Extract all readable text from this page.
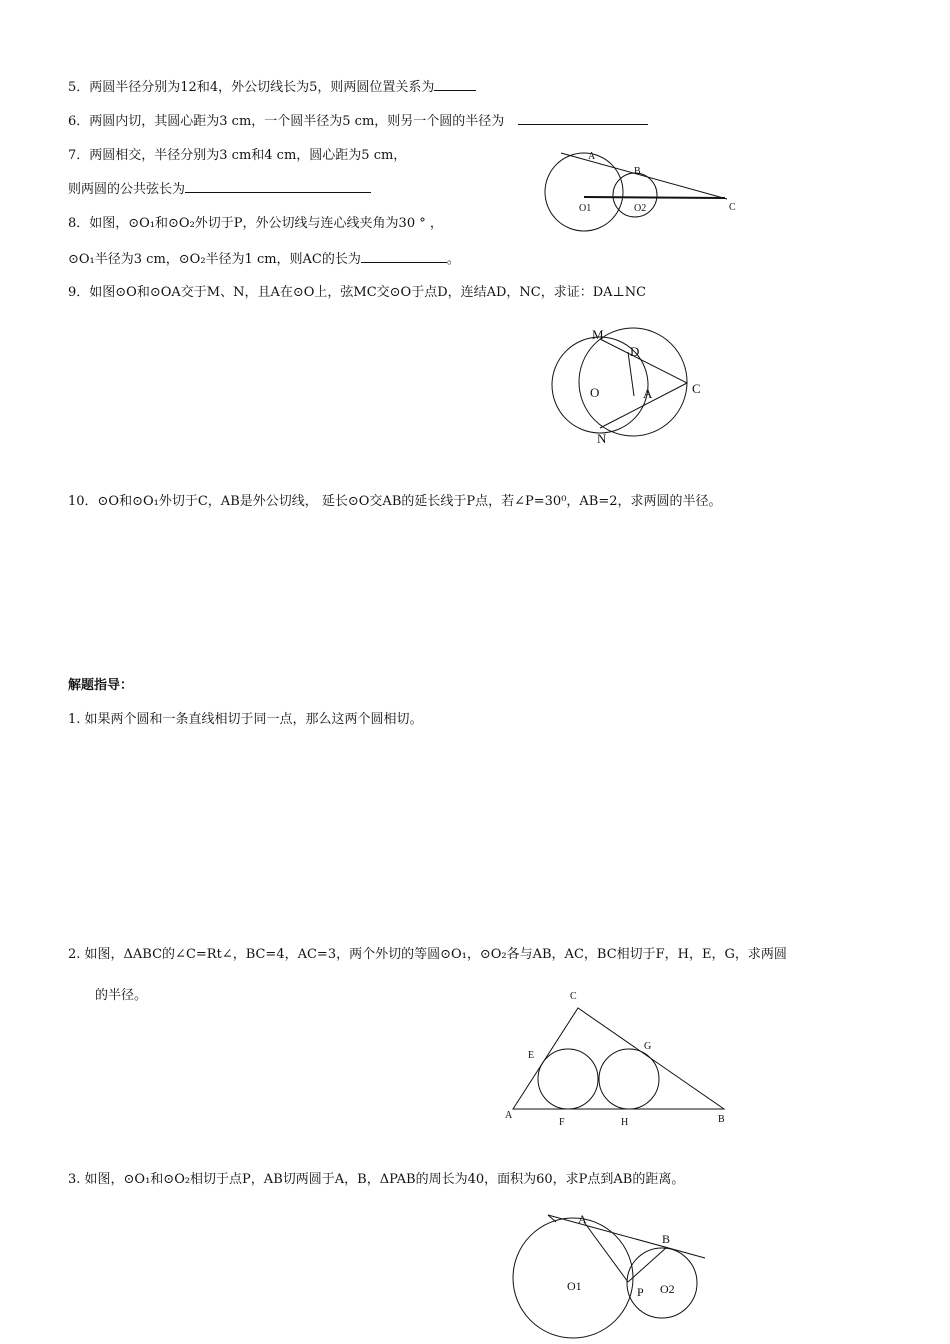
5．两圆半径分别为12和4，外公切线长为5，则两圆位置关系为
6．两圆内切，其圆心距为3 cm，一个圆半径为5 cm，则另一个圆的半径为
7．两圆相交，半径分别为3 cm和4 cm，圆心距为5 cm，
则两圆的公共弦长为
8．如图，⊙O₁和⊙O₂外切于P，外公切线与连心线夹角为30 ° ，
⊙O₁半径为3 cm，⊙O₂半径为1 cm，则AC的长为	。
9．如图⊙O和⊙OA交于M、N，且A在⊙O上，弦MC交⊙O于点D，连结AD，NC，求证：DA⊥NC
10．⊙O和⊙O₁外切于C，AB是外公切线， 延长⊙O交AB的延长线于P点，若∠P=30⁰，AB=2，求两圆的半径。
解题指导：
1. 如果两个圆和一条直线相切于同一点，那么这两个圆相切。
2. 如图，ΔABC的∠C=Rt∠，BC=4，AC=3，两个外切的等圆⊙O₁，⊙O₂各与AB，AC，BC相切于F，H，E，G，求两圆
的半径。
3. 如图，⊙O₁和⊙O₂相切于点P，AB切两圆于A，B，ΔPAB的周长为40，面积为60，求P点到AB的距离。
A
B
C
O1	O2
M
D
O	A	C
N
C
E
G
A
F	H	B
A
B
O1	P O2
